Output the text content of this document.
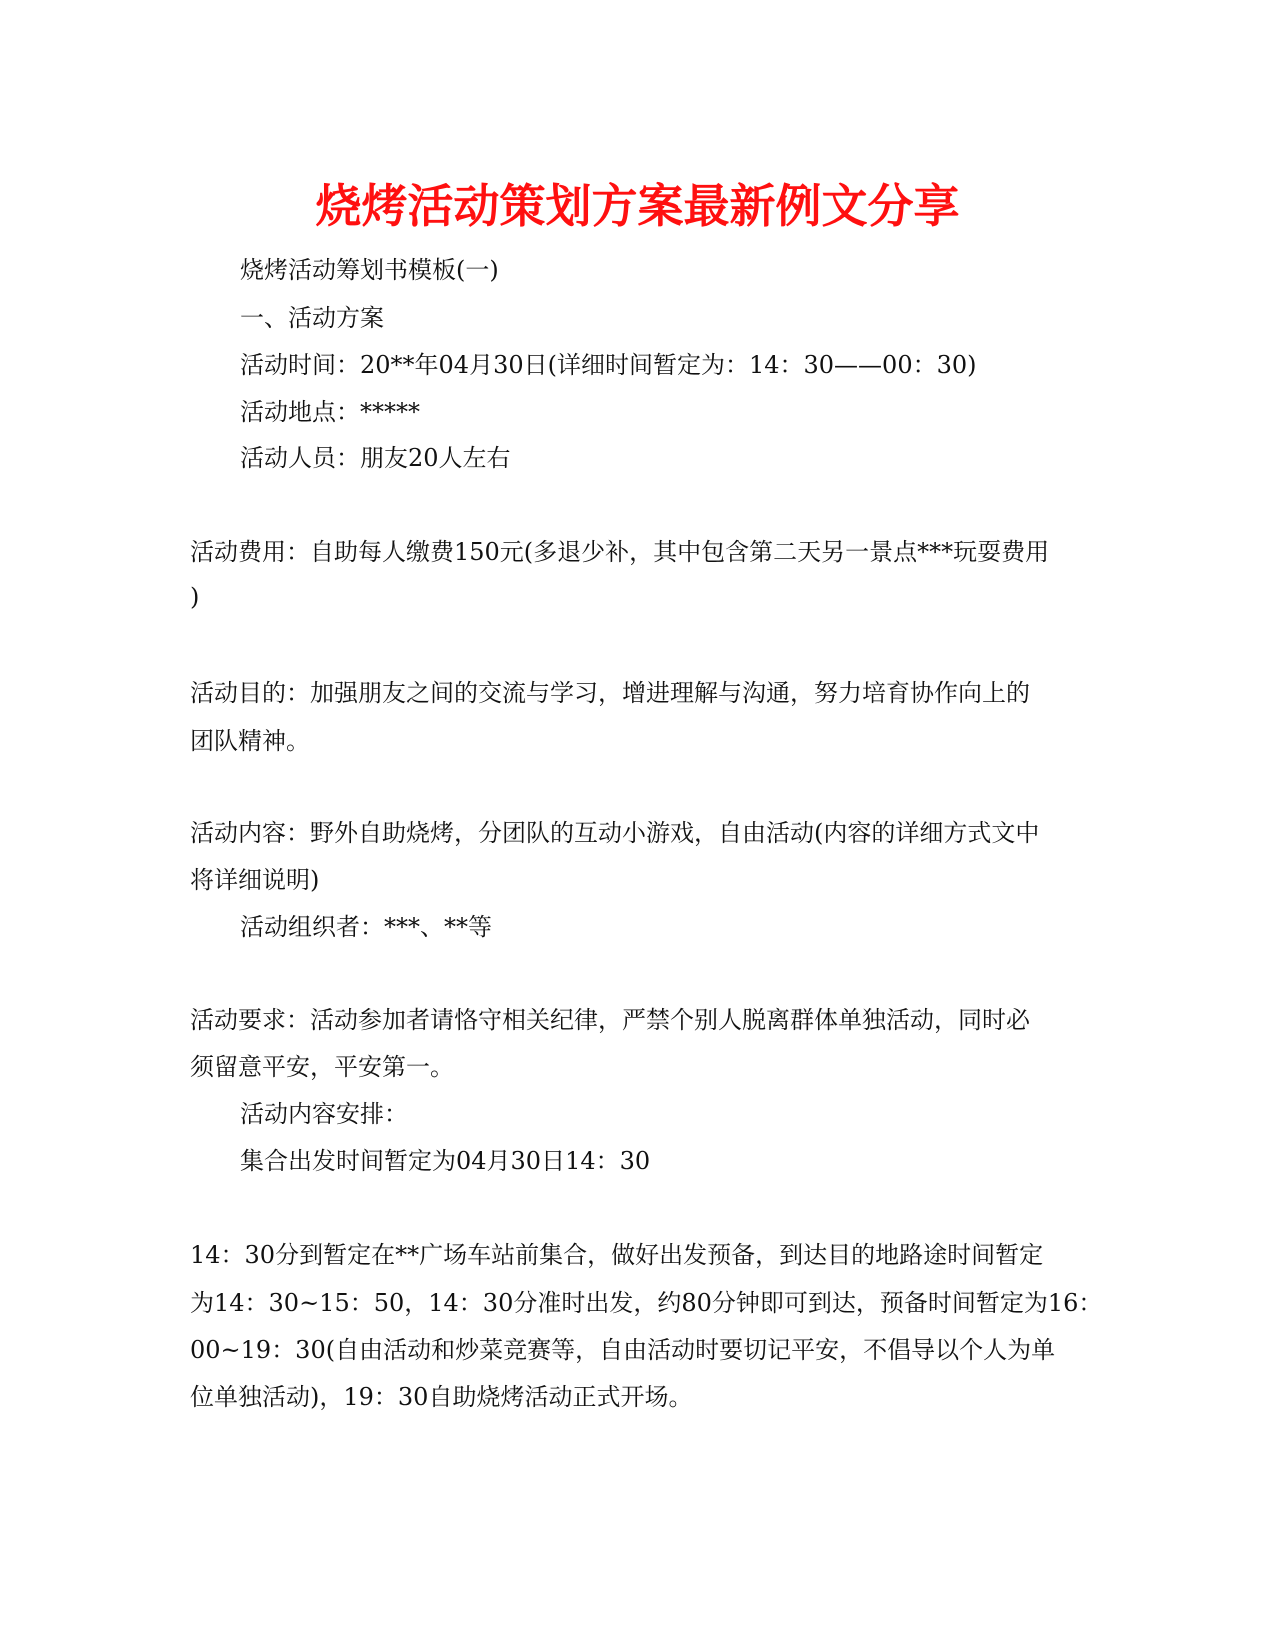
烧烤活动策划方案最新例文分享
烧烤活动筹划书模板(一)
一、活动方案
活动时间：20**年04月30日(详细时间暂定为：14：30——00：30)
活动地点：*****
活动人员：朋友20人左右
活动费用：自助每人缴费150元(多退少补，其中包含第二天另一景点***玩耍费用
)
活动目的：加强朋友之间的交流与学习，增进理解与沟通，努力培育协作向上的
团队精神。
活动内容：野外自助烧烤，分团队的互动小游戏，自由活动(内容的详细方式文中
将详细说明)
活动组织者：***、**等
活动要求：活动参加者请恪守相关纪律，严禁个别人脱离群体单独活动，同时必
须留意平安，平安第一。
活动内容安排：
集合出发时间暂定为04月30日14：30
14：30分到暂定在**广场车站前集合，做好出发预备，到达目的地路途时间暂定
为14：30~15：50，14：30分准时出发，约80分钟即可到达，预备时间暂定为16：
00~19：30(自由活动和炒菜竞赛等，自由活动时要切记平安，不倡导以个人为单
位单独活动)，19：30自助烧烤活动正式开场。
